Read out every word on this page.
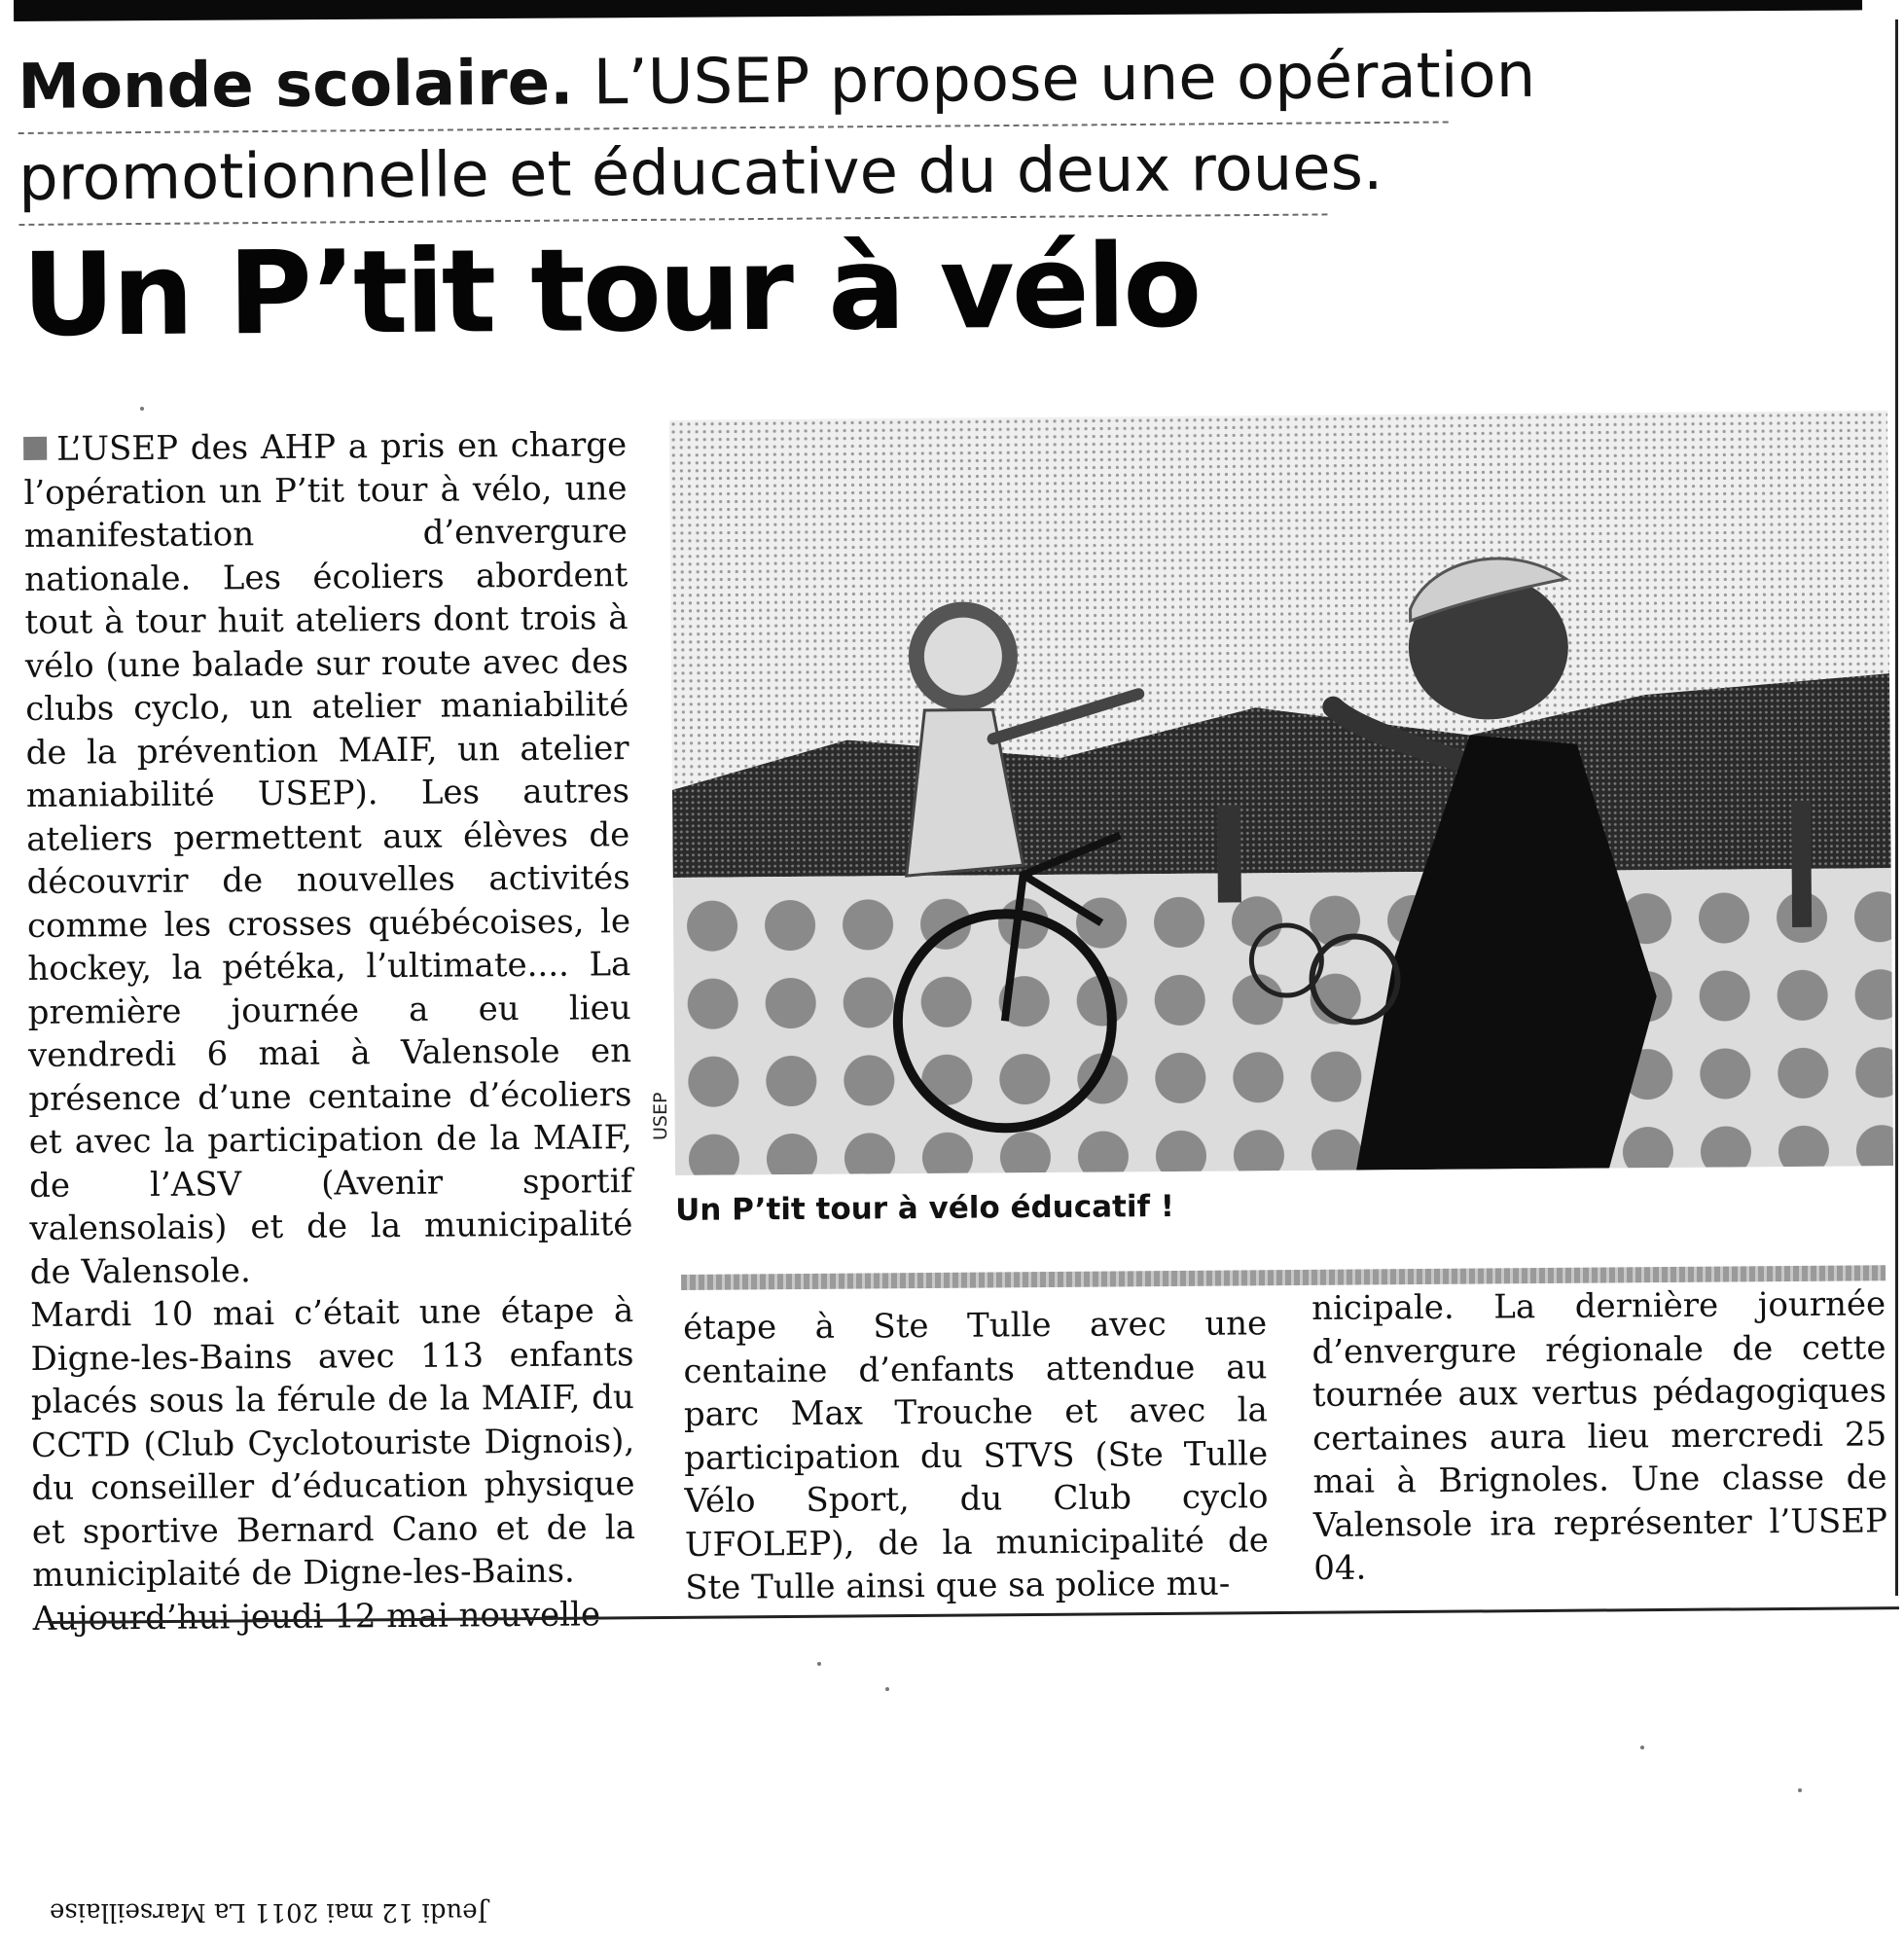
Monde scolaire. L’USEP propose une opération
promotionnelle et éducative du deux roues.
Un P’tit tour à vélo

L’USEP des AHP a pris en charge l’opération un P’tit tour à vélo, une manifestation d’envergure nationale. Les écoliers abordent tout à tour huit ateliers dont trois à vélo (une balade sur route avec des clubs cyclo, un atelier maniabilité de la prévention MAIF, un atelier maniabilité USEP). Les autres ateliers permettent aux élèves de découvrir de nouvelles activités comme les crosses québécoises, le hockey, la pétéka, l’ultimate.... La première journée a eu lieu vendredi 6 mai à Valensole en présence d’une centaine d’écoliers et avec la participation de la MAIF, de l’ASV (Avenir sportif valensolais) et de la municipalité de Valensole.

Mardi 10 mai c’était une étape à Digne-les-Bains avec 113 enfants placés sous la férule de la MAIF, du CCTD (Club Cyclotouriste Dignois), du conseiller d’éducation physique et sportive Bernard Cano et de la municiplaité de Digne-les-Bains.

Aujourd’hui jeudi 12 mai nouvelle

USEP
Un P’tit tour à vélo éducatif !

étape à Ste Tulle avec une centaine d’enfants attendue au parc Max Trouche et avec la participation du STVS (Ste Tulle Vélo Sport, du Club cyclo UFOLEP), de la municipalité de Ste Tulle ainsi que sa police mu-

nicipale. La dernière journée d’envergure régionale de cette tournée aux vertus pédagogiques certaines aura lieu mercredi 25 mai à Brignoles. Une classe de Valensole ira représenter l’USEP 04.

Jeudi 12 mai 2011 La Marseillaise
